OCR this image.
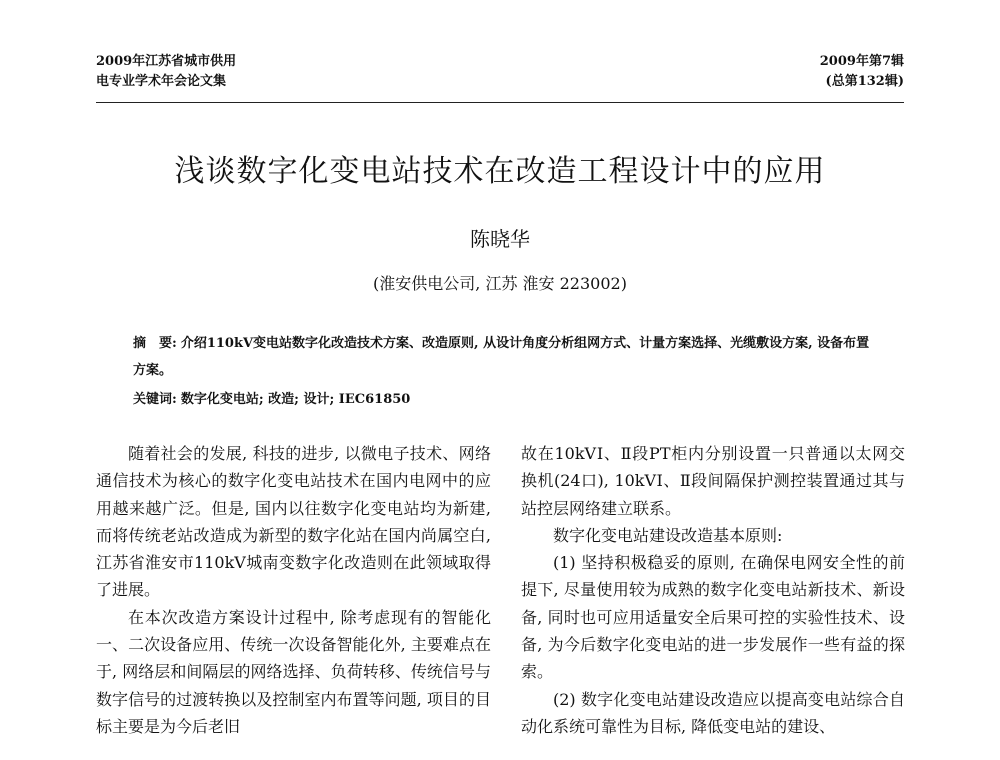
2009年江苏省城市供用
电专业学术年会论文集
2009年第7辑
(总第132辑)
浅谈数字化变电站技术在改造工程设计中的应用
陈晓华
(淮安供电公司, 江苏 淮安 223002)
摘　要: 介绍110kV变电站数字化改造技术方案、改造原则, 从设计角度分析组网方式、计量方案选择、光缆敷设方案, 设备布置方案。
关键词: 数字化变电站; 改造; 设计; IEC61850

随着社会的发展, 科技的进步, 以微电子技术、网络通信技术为核心的数字化变电站技术在国内电网中的应用越来越广泛。但是, 国内以往数字化变电站均为新建, 而将传统老站改造成为新型的数字化站在国内尚属空白, 江苏省淮安市110kV城南变数字化改造则在此领域取得了进展。

在本次改造方案设计过程中, 除考虑现有的智能化一、二次设备应用、传统一次设备智能化外, 主要难点在于, 网络层和间隔层的网络选择、负荷转移、传统信号与数字信号的过渡转换以及控制室内布置等问题, 项目的目标主要是为今后老旧

故在10kVⅠ、Ⅱ段PT柜内分别设置一只普通以太网交换机(24口), 10kVⅠ、Ⅱ段间隔保护测控装置通过其与站控层网络建立联系。

数字化变电站建设改造基本原则:

(1) 坚持积极稳妥的原则, 在确保电网安全性的前提下, 尽量使用较为成熟的数字化变电站新技术、新设备, 同时也可应用适量安全后果可控的实验性技术、设备, 为今后数字化变电站的进一步发展作一些有益的探索。

(2) 数字化变电站建设改造应以提高变电站综合自动化系统可靠性为目标, 降低变电站的建设、
